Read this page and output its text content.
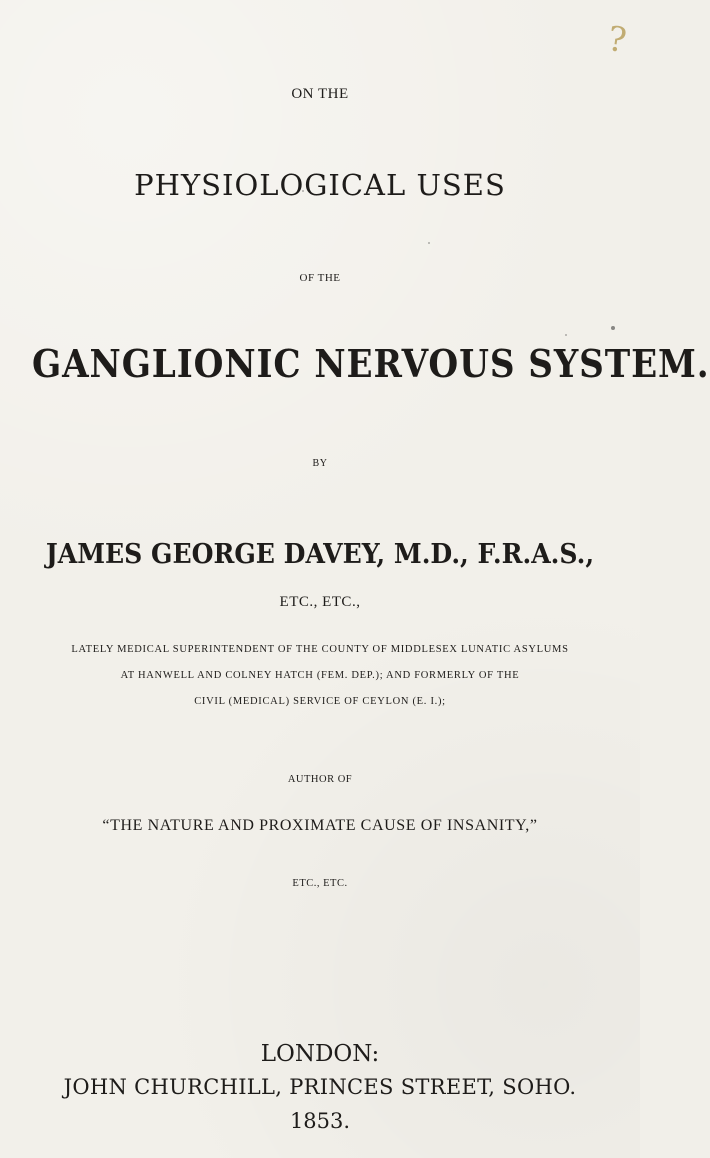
?
ON THE
PHYSIOLOGICAL USES
OF THE
GANGLIONIC NERVOUS SYSTEM.
BY
JAMES GEORGE DAVEY, M.D., F.R.A.S.,
ETC., ETC.,
LATELY MEDICAL SUPERINTENDENT OF THE COUNTY OF MIDDLESEX LUNATIC ASYLUMS
AT HANWELL AND COLNEY HATCH (FEM. DEP.); AND FORMERLY OF THE
CIVIL (MEDICAL) SERVICE OF CEYLON (E. I.);
AUTHOR OF
“THE NATURE AND PROXIMATE CAUSE OF INSANITY,”
ETC., ETC.
LONDON:
JOHN CHURCHILL, PRINCES STREET, SOHO.
1853.
